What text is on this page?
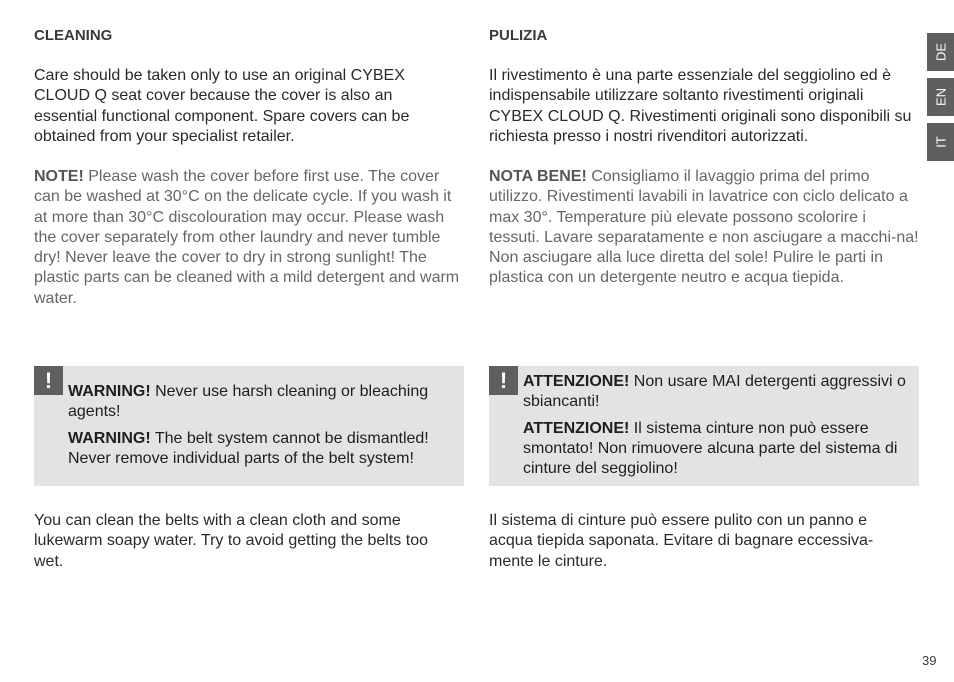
CLEANING

Care should be taken only to use an original CYBEX CLOUD Q seat cover because the cover is also an essential functional component. Spare covers can be obtained from your specialist retailer.

NOTE! Please wash the cover before first use. The cover can be washed at 30°C on the delicate cycle. If you wash it at more than 30°C discolouration may occur. Please wash the cover separately from other laundry and never tumble dry! Never leave the cover to dry in strong sunlight! The plastic parts can be cleaned with a mild detergent and warm water.

! WARNING! Never use harsh cleaning or bleaching agents!

WARNING! The belt system cannot be dismantled! Never remove individual parts of the belt system!

You can clean the belts with a clean cloth and some lukewarm soapy water. Try to avoid getting the belts too wet.

PULIZIA

Il rivestimento è una parte essenziale del seggiolino ed è indispensabile utilizzare soltanto rivestimenti originali CYBEX CLOUD Q. Rivestimenti originali sono disponibili su richiesta presso i nostri rivenditori autorizzati.

NOTA BENE! Consigliamo il lavaggio prima del primo utilizzo. Rivestimenti lavabili in lavatrice con ciclo delicato a max 30°. Temperature più elevate possono scolorire i tessuti. Lavare separatamente e non asciugare a macchi-na! Non asciugare alla luce diretta del sole! Pulire le parti in plastica con un detergente neutro e acqua tiepida.

! ATTENZIONE! Non usare MAI detergenti aggressivi o sbiancanti!

ATTENZIONE! Il sistema cinture non può essere smontato! Non rimuovere alcuna parte del sistema di cinture del seggiolino!

Il sistema di cinture può essere pulito con un panno e acqua tiepida saponata. Evitare di bagnare eccessiva-mente le cinture.

DE
EN
IT
39
